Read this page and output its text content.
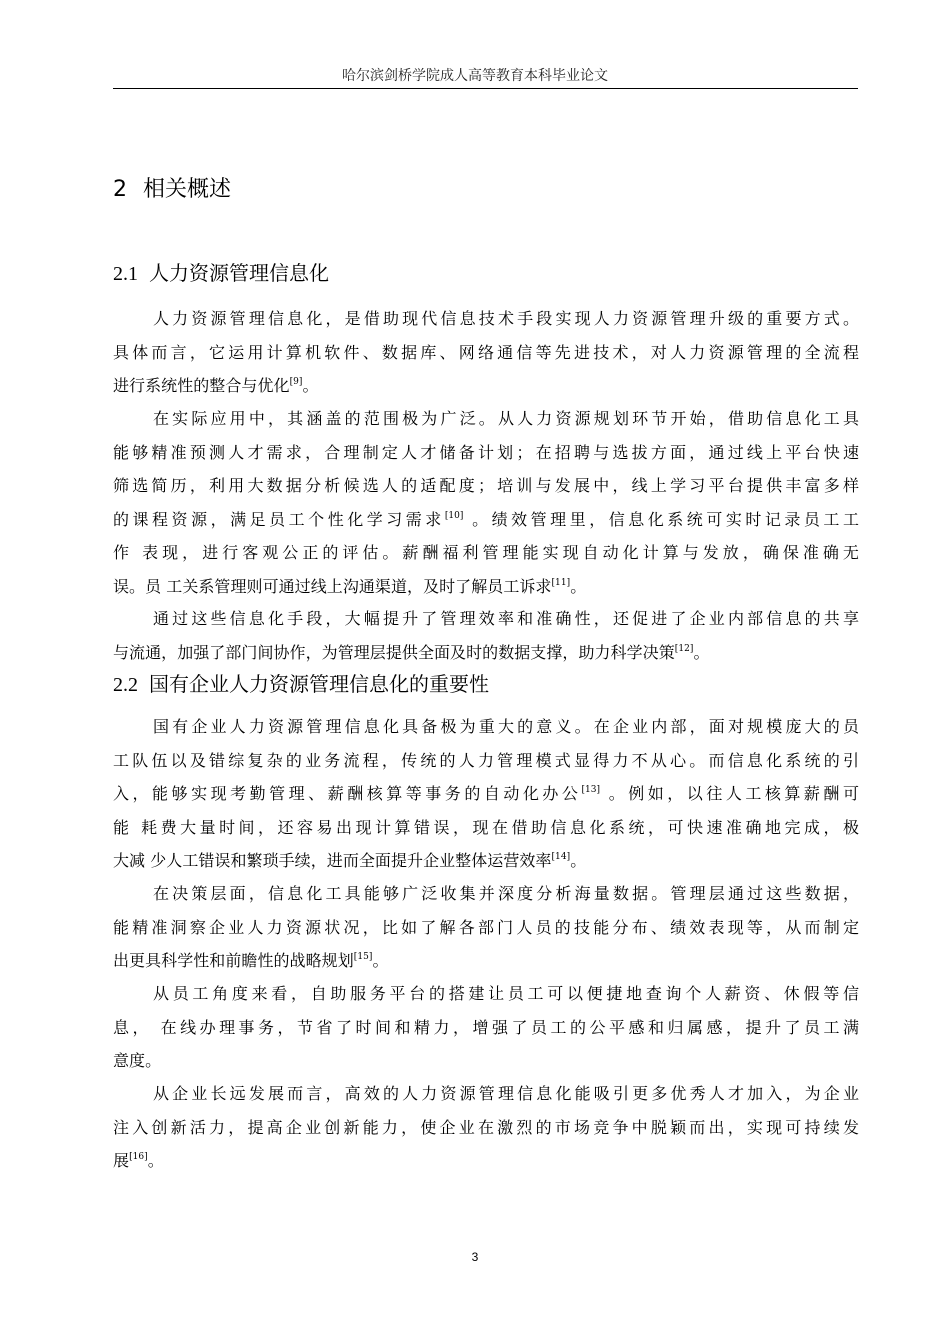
哈尔滨剑桥学院成人高等教育本科毕业论文
2 相关概述
2.1 人力资源管理信息化
人力资源管理信息化，是借助现代信息技术手段实现人力资源管理升级的重要方式。
具体而言，它运用计算机软件、数据库、网络通信等先进技术，对人力资源管理的全流程
进行系统性的整合与优化[9]。
在实际应用中，其涵盖的范围极为广泛。从人力资源规划环节开始，借助信息化工具
能够精准预测人才需求，合理制定人才储备计划；在招聘与选拔方面，通过线上平台快速
筛选简历，利用大数据分析候选人的适配度；培训与发展中，线上学习平台提供丰富多样
的课程资源，满足员工个性化学习需求[10] 。绩效管理里，信息化系统可实时记录员工工
作 表现，进行客观公正的评估。薪酬福利管理能实现自动化计算与发放，确保准确无
误。员 工关系管理则可通过线上沟通渠道，及时了解员工诉求[11]。
通过这些信息化手段，大幅提升了管理效率和准确性，还促进了企业内部信息的共享
与流通，加强了部门间协作，为管理层提供全面及时的数据支撑，助力科学决策[12]。
2.2 国有企业人力资源管理信息化的重要性
国有企业人力资源管理信息化具备极为重大的意义。在企业内部，面对规模庞大的员
工队伍以及错综复杂的业务流程，传统的人力管理模式显得力不从心。而信息化系统的引
入，能够实现考勤管理、薪酬核算等事务的自动化办公[13] 。例如，以往人工核算薪酬可
能 耗费大量时间，还容易出现计算错误，现在借助信息化系统，可快速准确地完成，极
大减 少人工错误和繁琐手续，进而全面提升企业整体运营效率[14]。
在决策层面，信息化工具能够广泛收集并深度分析海量数据。管理层通过这些数据，
能精准洞察企业人力资源状况，比如了解各部门人员的技能分布、绩效表现等，从而制定
出更具科学性和前瞻性的战略规划[15]。
从员工角度来看，自助服务平台的搭建让员工可以便捷地查询个人薪资、休假等信
息， 在线办理事务，节省了时间和精力，增强了员工的公平感和归属感，提升了员工满
意度。
从企业长远发展而言，高效的人力资源管理信息化能吸引更多优秀人才加入，为企业
注入创新活力，提高企业创新能力，使企业在激烈的市场竞争中脱颖而出，实现可持续发
展[16]。
3
